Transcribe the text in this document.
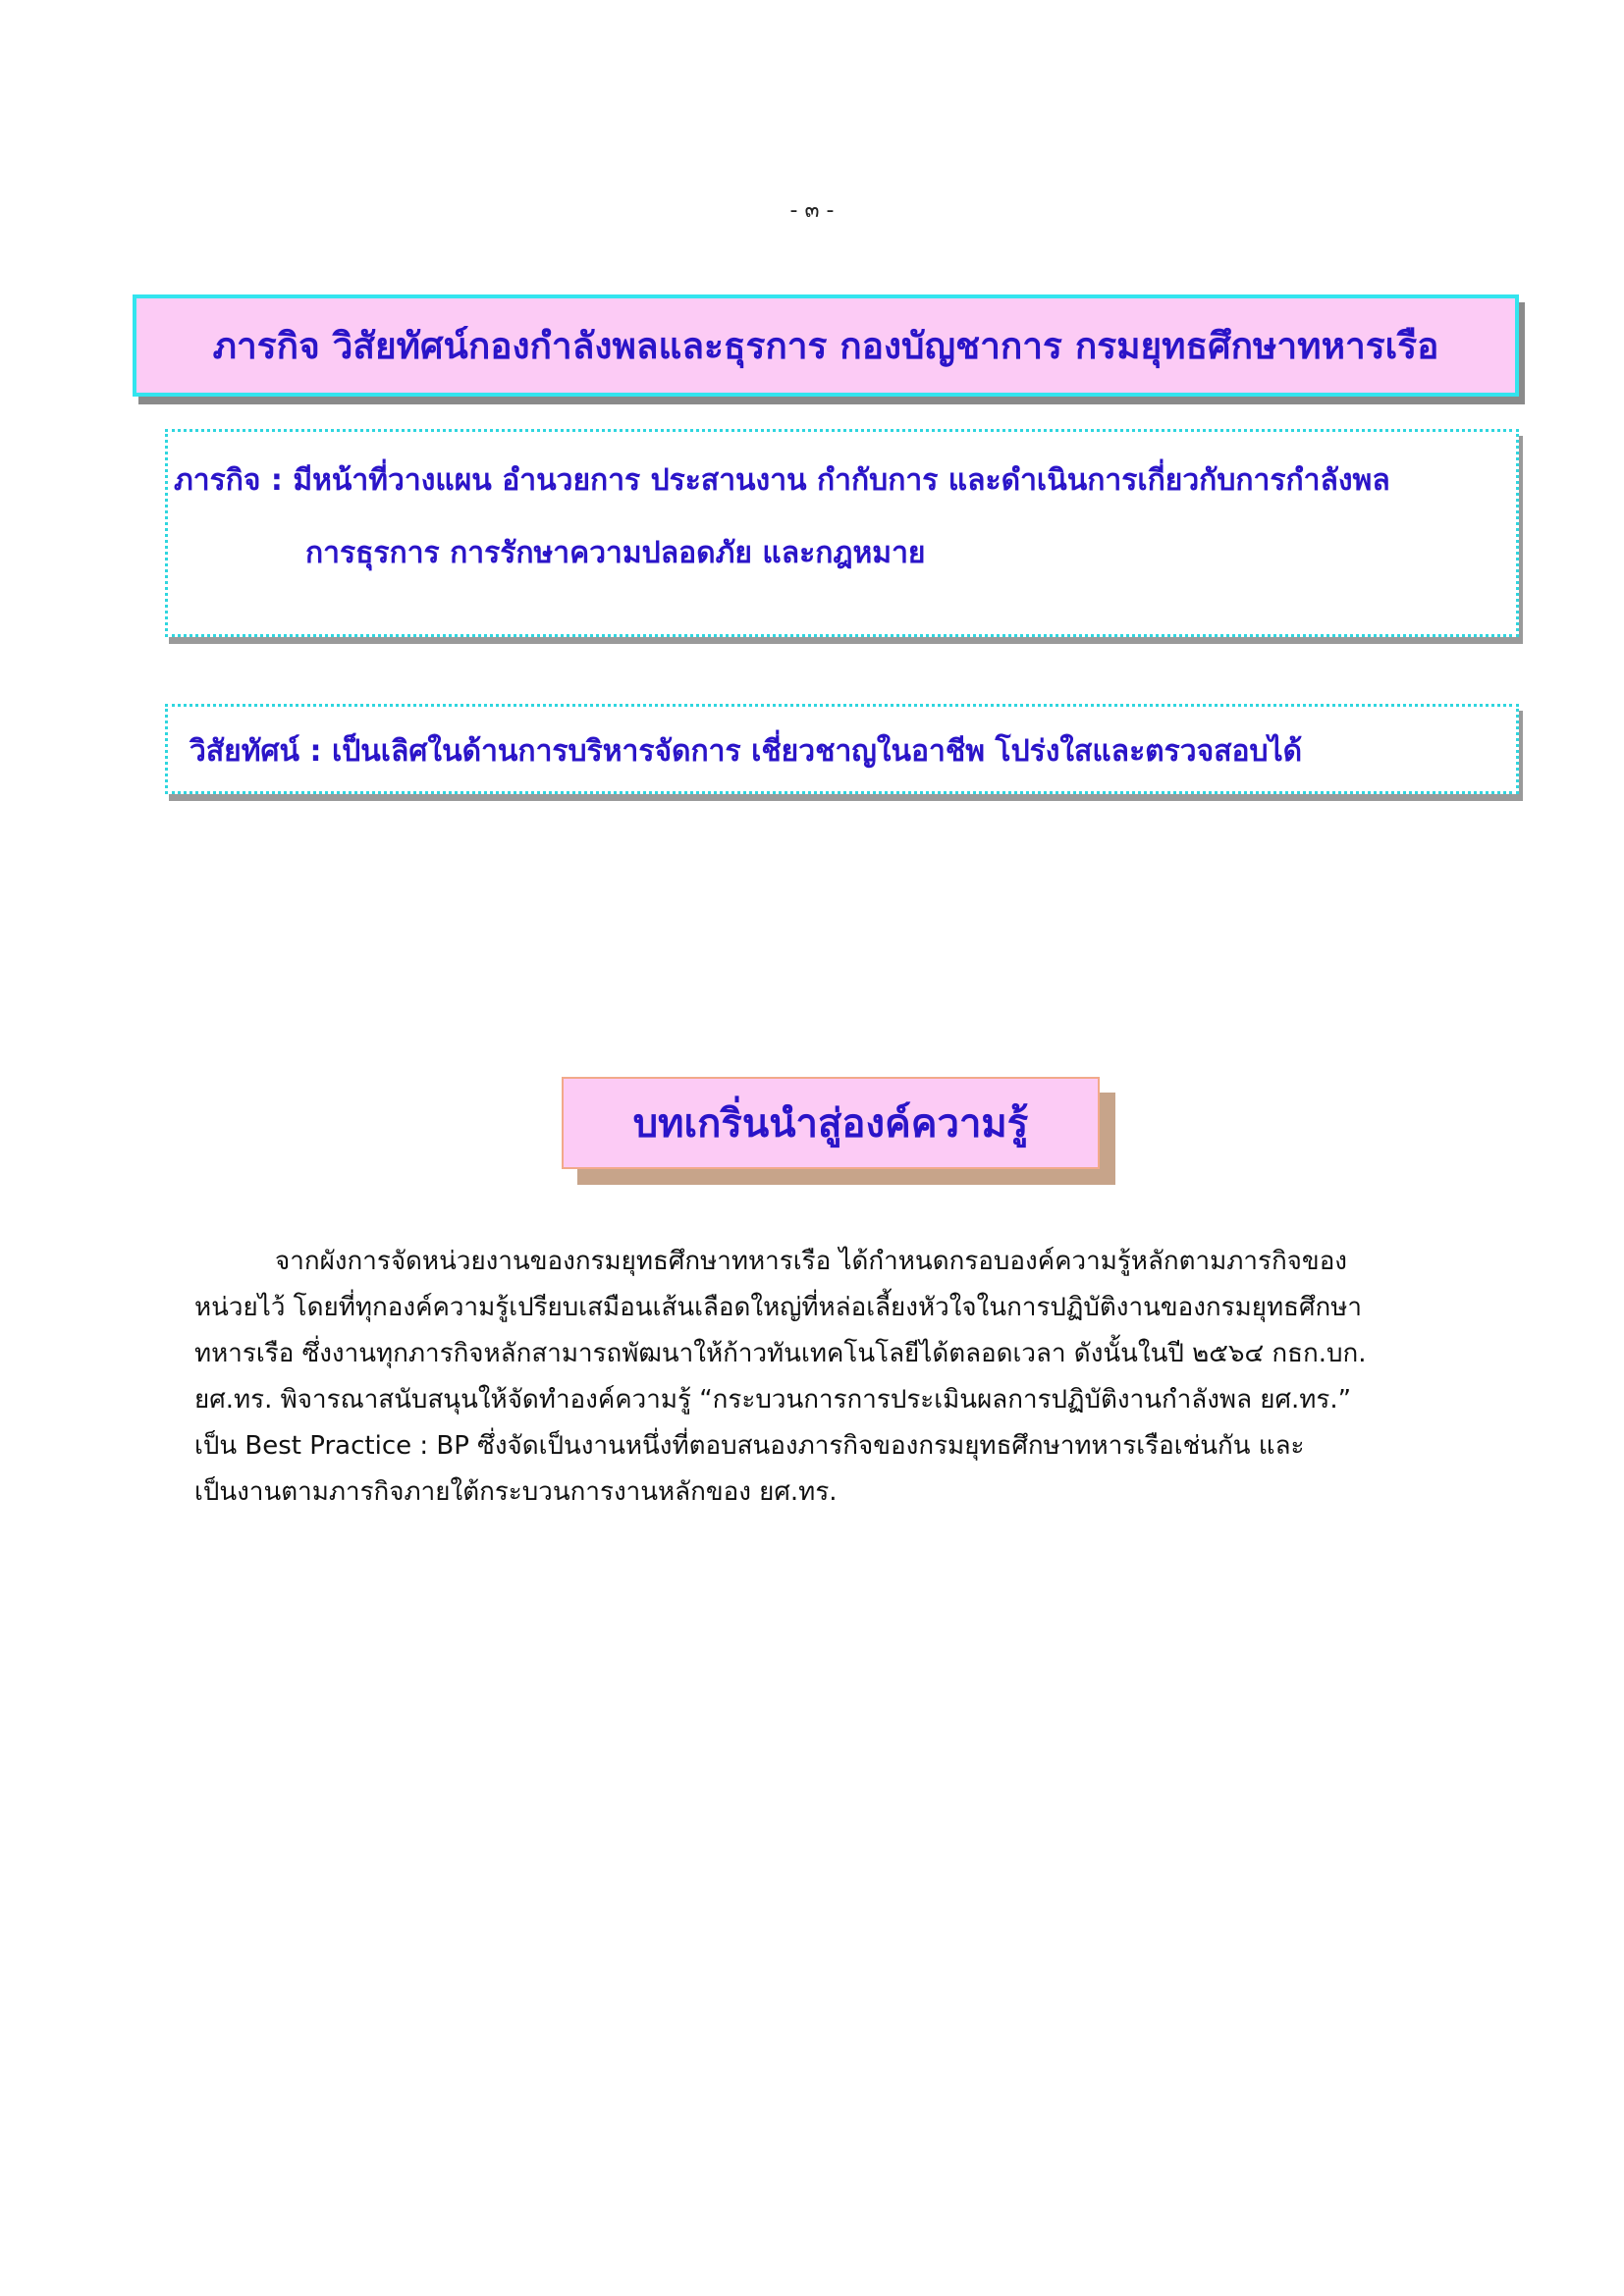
- ๓ -
ภารกิจ วิสัยทัศน์กองกำลังพลและธุรการ กองบัญชาการ กรมยุทธศึกษาทหารเรือ
ภารกิจ : มีหน้าที่วางแผน อำนวยการ ประสานงาน กำกับการ และดำเนินการเกี่ยวกับการกำลังพล
การธุรการ การรักษาความปลอดภัย และกฎหมาย
วิสัยทัศน์ : เป็นเลิศในด้านการบริหารจัดการ เชี่ยวชาญในอาชีพ โปร่งใสและตรวจสอบได้
บทเกริ่นนำสู่องค์ความรู้
จากผังการจัดหน่วยงานของกรมยุทธศึกษาทหารเรือ ได้กำหนดกรอบองค์ความรู้หลักตามภารกิจของ
หน่วยไว้ โดยที่ทุกองค์ความรู้เปรียบเสมือนเส้นเลือดใหญ่ที่หล่อเลี้ยงหัวใจในการปฏิบัติงานของกรมยุทธศึกษา
ทหารเรือ ซึ่งงานทุกภารกิจหลักสามารถพัฒนาให้ก้าวทันเทคโนโลยีได้ตลอดเวลา ดังนั้นในปี ๒๕๖๔ กธก.บก.
ยศ.ทร. พิจารณาสนับสนุนให้จัดทำองค์ความรู้ “กระบวนการการประเมินผลการปฏิบัติงานกำลังพล ยศ.ทร.”
เป็น Best Practice : BP ซึ่งจัดเป็นงานหนึ่งที่ตอบสนองภารกิจของกรมยุทธศึกษาทหารเรือเช่นกัน และ
เป็นงานตามภารกิจภายใต้กระบวนการงานหลักของ ยศ.ทร.
